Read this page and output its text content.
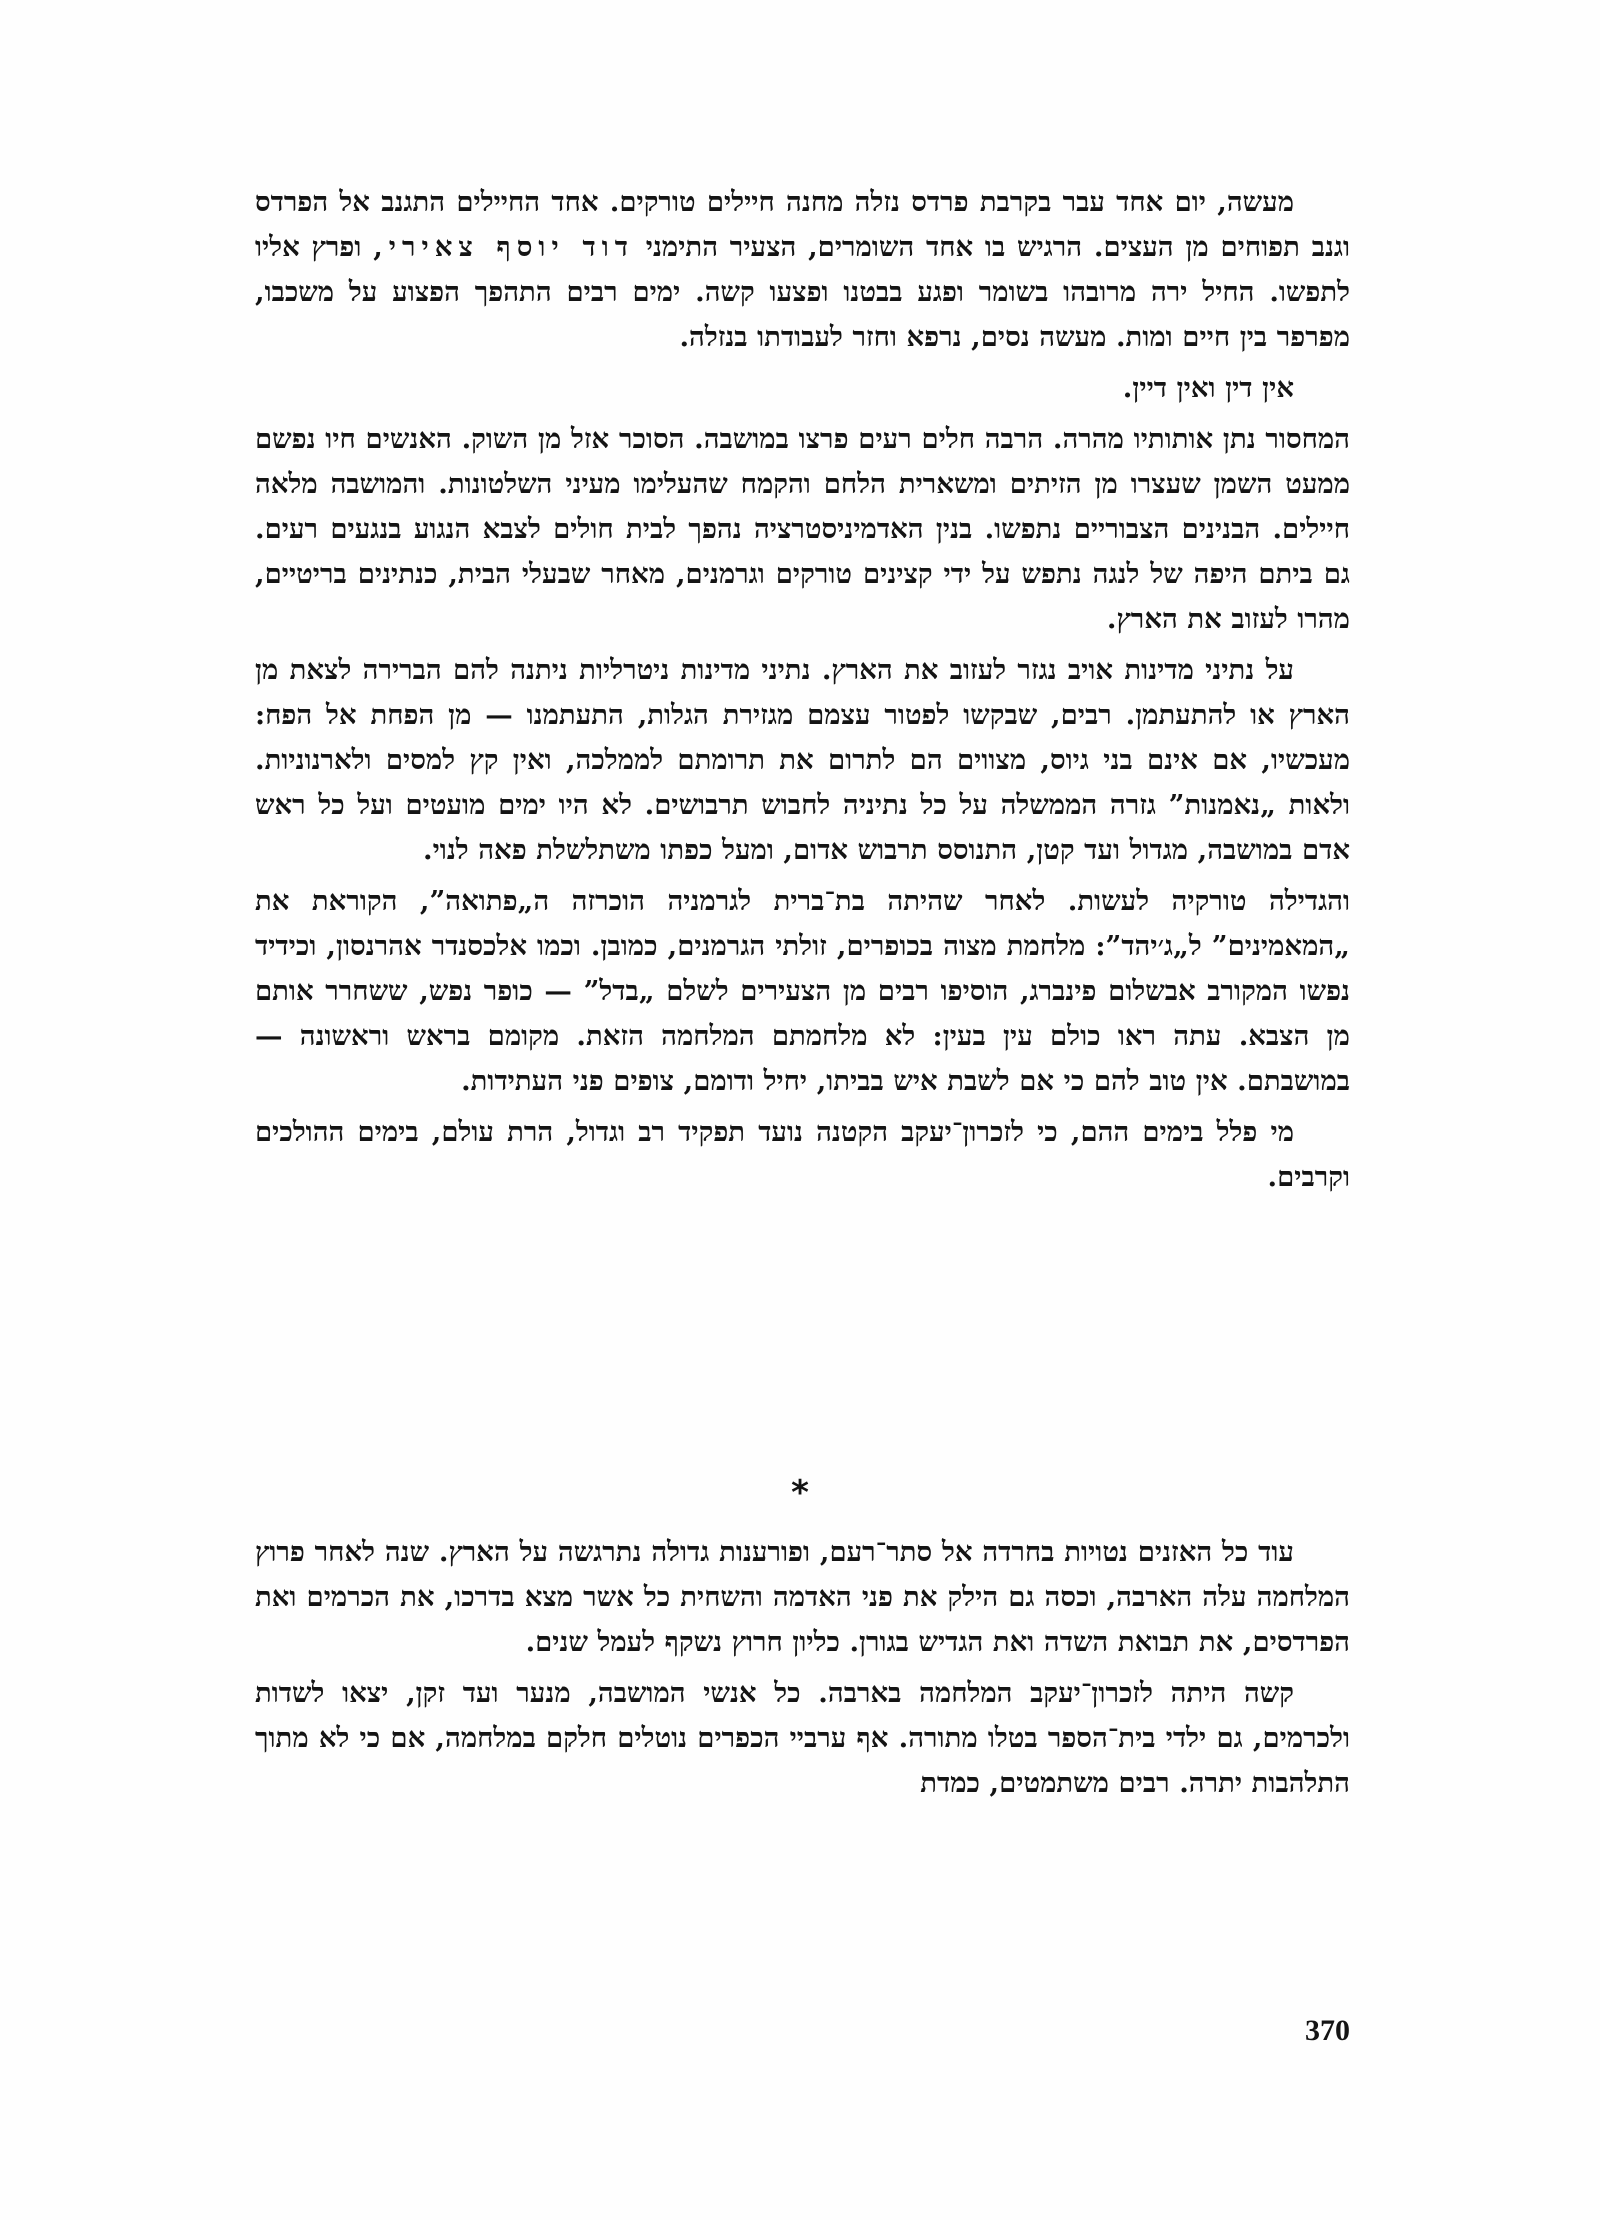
מעשה, יום אחד עבר בקרבת פרדס נזלה מחנה חיילים טורקים. אחד החיילים התגנב אל הפרדס וגנב תפוחים מן העצים. הרגיש בו אחד השומרים, הצעיר התימני דוד יוסף צאירי, ופרץ אליו לתפשו. החיל ירה מרובהו בשומר ופגע בבטנו ופצעו קשה. ימים רבים התהפך הפצוע על משכבו, מפרפר בין חיים ומות. מעשה נסים, נרפא וחזר לעבודתו בנזלה.

אין דין ואין דיין.

המחסור נתן אותותיו מהרה. הרבה חלים רעים פרצו במושבה. הסוכר אזל מן השוק. האנשים חיו נפשם ממעט השמן שעצרו מן הזיתים ומשארית הלחם והקמח שהעלימו מעיני השלטונות. והמושבה מלאה חיילים. הבנינים הצבוריים נתפשו. בנין האדמיניסטרציה נהפך לבית חולים לצבא הנגוע בנגעים רעים. גם ביתם היפה של לנגה נתפש על ידי קצינים טורקים וגרמנים, מאחר שבעלי הבית, כנתינים בריטיים, מהרו לעזוב את הארץ.

על נתיני מדינות אויב נגזר לעזוב את הארץ. נתיני מדינות ניטרליות ניתנה להם הברירה לצאת מן הארץ או להתעתמן. רבים, שבקשו לפטור עצמם מגזירת הגלות, התעתמנו — מן הפחת אל הפח: מעכשיו, אם אינם בני גיוס, מצווים הם לתרום את תרומתם לממלכה, ואין קץ למסים ולארנוניות. ולאות „נאמנות” גזרה הממשלה על כל נתיניה לחבוש תרבושים. לא היו ימים מועטים ועל כל ראש אדם במושבה, מגדול ועד קטן, התנוסס תרבוש אדום, ומעל כפתו משתלשלת פאה לנוי.

והגדילה טורקיה לעשות. לאחר שהיתה בת־ברית לגרמניה הוכרזה ה„פתואה”, הקוראת את „המאמינים” ל„ג׳יהד”: מלחמת מצוה בכופרים, זולתי הגרמנים, כמובן. וכמו אלכסנדר אהרנסון, וכידיד נפשו המקורב אבשלום פינברג, הוסיפו רבים מן הצעירים לשלם „בדל” — כופר נפש, ששחרר אותם מן הצבא. עתה ראו כולם עין בעין: לא מלחמתם המלחמה הזאת. מקומם בראש וראשונה — במושבתם. אין טוב להם כי אם לשבת איש בביתו, יחיל ודומם, צופים פני העתידות.

מי פלל בימים ההם, כי לזכרון־יעקב הקטנה נועד תפקיד רב וגדול, הרת עולם, בימים ההולכים וקרבים.

*

עוד כל האזנים נטויות בחרדה אל סתר־רעם, ופורענות גדולה נתרגשה על הארץ. שנה לאחר פרוץ המלחמה עלה הארבה, וכסה גם הילק את פני האדמה והשחית כל אשר מצא בדרכו, את הכרמים ואת הפרדסים, את תבואת השדה ואת הגדיש בגורן. כליון חרוץ נשקף לעמל שנים.

קשה היתה לזכרון־יעקב המלחמה בארבה. כל אנשי המושבה, מנער ועד זקן, יצאו לשדות ולכרמים, גם ילדי בית־הספר בטלו מתורה. אף ערביי הכפרים נוטלים חלקם במלחמה, אם כי לא מתוך התלהבות יתרה. רבים משתמטים, כמדת

370
